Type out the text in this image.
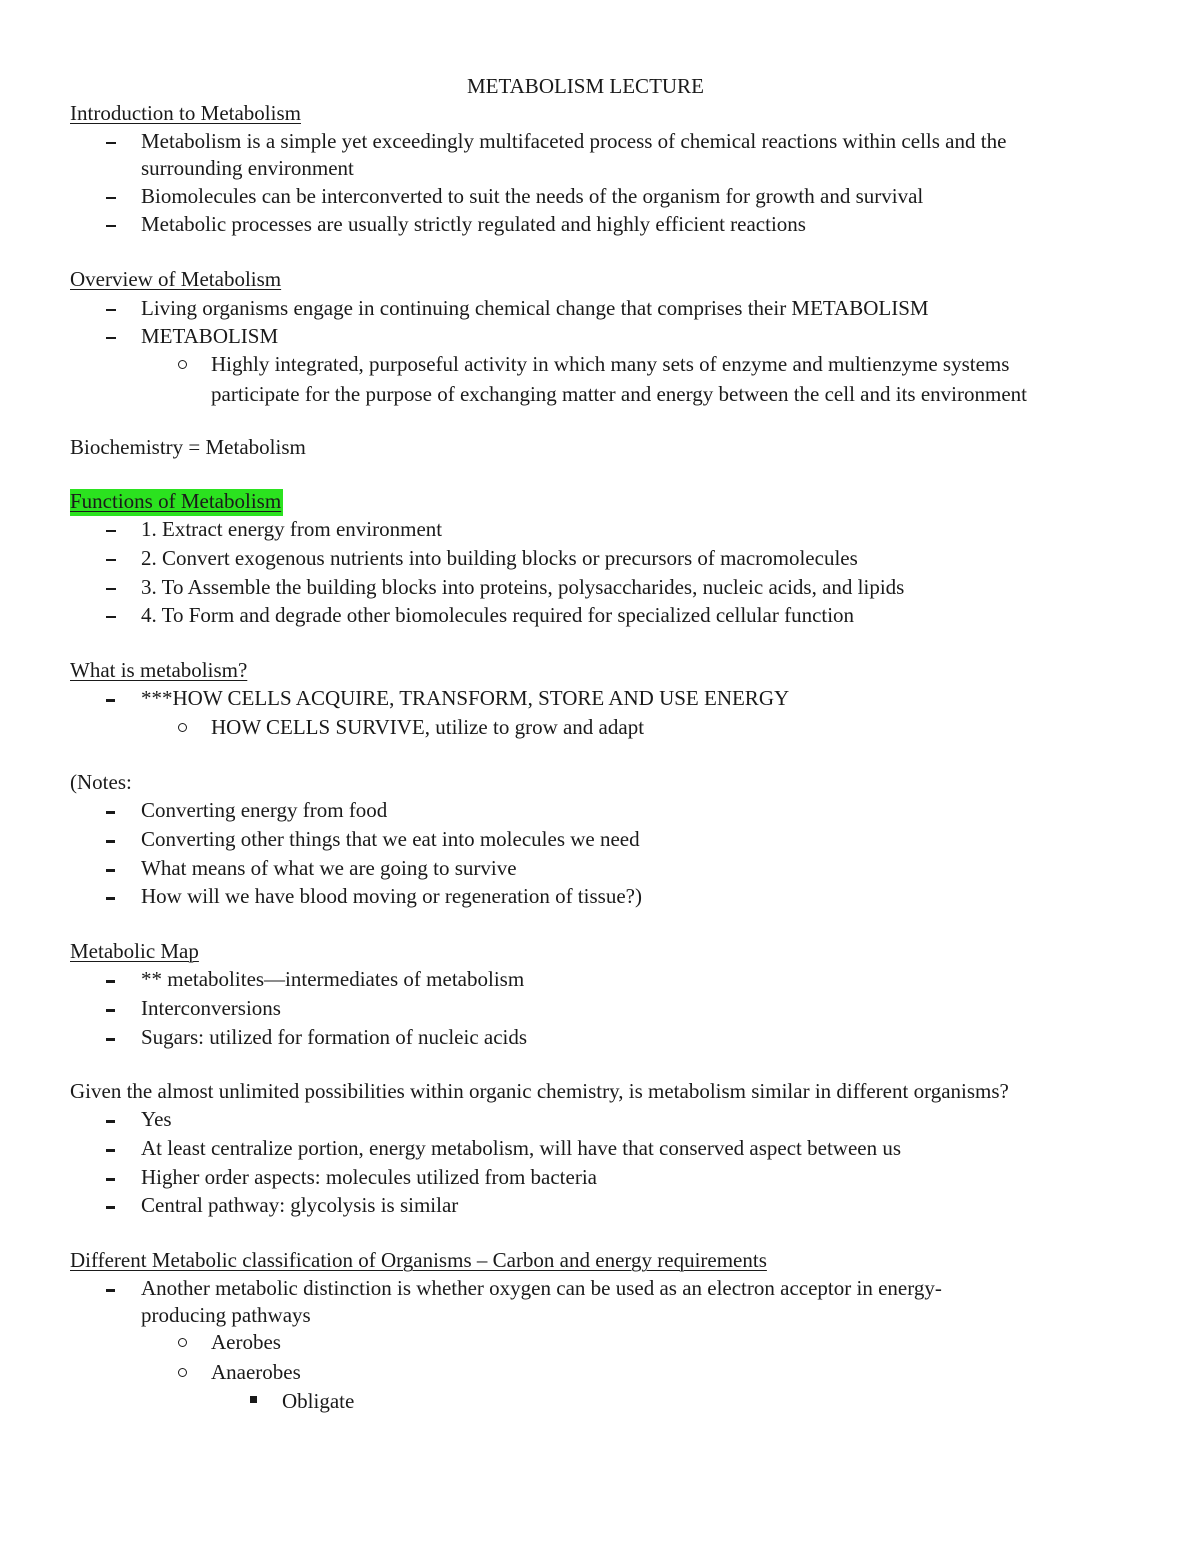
METABOLISM LECTURE
Introduction to Metabolism
Metabolism is a simple yet exceedingly multifaceted process of chemical reactions within cells and the
surrounding environment
Biomolecules can be interconverted to suit the needs of the organism for growth and survival
Metabolic processes are usually strictly regulated and highly efficient reactions
Overview of Metabolism
Living organisms engage in continuing chemical change that comprises their METABOLISM
METABOLISM
Highly integrated, purposeful activity in which many sets of enzyme and multienzyme systems
participate for the purpose of exchanging matter and energy between the cell and its environment
Biochemistry = Metabolism
Functions of Metabolism
1. Extract energy from environment
2. Convert exogenous nutrients into building blocks or precursors of macromolecules
3. To Assemble the building blocks into proteins, polysaccharides, nucleic acids, and lipids
4. To Form and degrade other biomolecules required for specialized cellular function
What is metabolism?
***HOW CELLS ACQUIRE, TRANSFORM, STORE AND USE ENERGY
HOW CELLS SURVIVE, utilize to grow and adapt
(Notes:
Converting energy from food
Converting other things that we eat into molecules we need
What means of what we are going to survive
How will we have blood moving or regeneration of tissue?)
Metabolic Map
** metabolites—intermediates of metabolism
Interconversions
Sugars: utilized for formation of nucleic acids
Given the almost unlimited possibilities within organic chemistry, is metabolism similar in different organisms?
Yes
At least centralize portion, energy metabolism, will have that conserved aspect between us
Higher order aspects: molecules utilized from bacteria
Central pathway: glycolysis is similar
Different Metabolic classification of Organisms – Carbon and energy requirements
Another metabolic distinction is whether oxygen can be used as an electron acceptor in energy-
producing pathways
Aerobes
Anaerobes
Obligate
